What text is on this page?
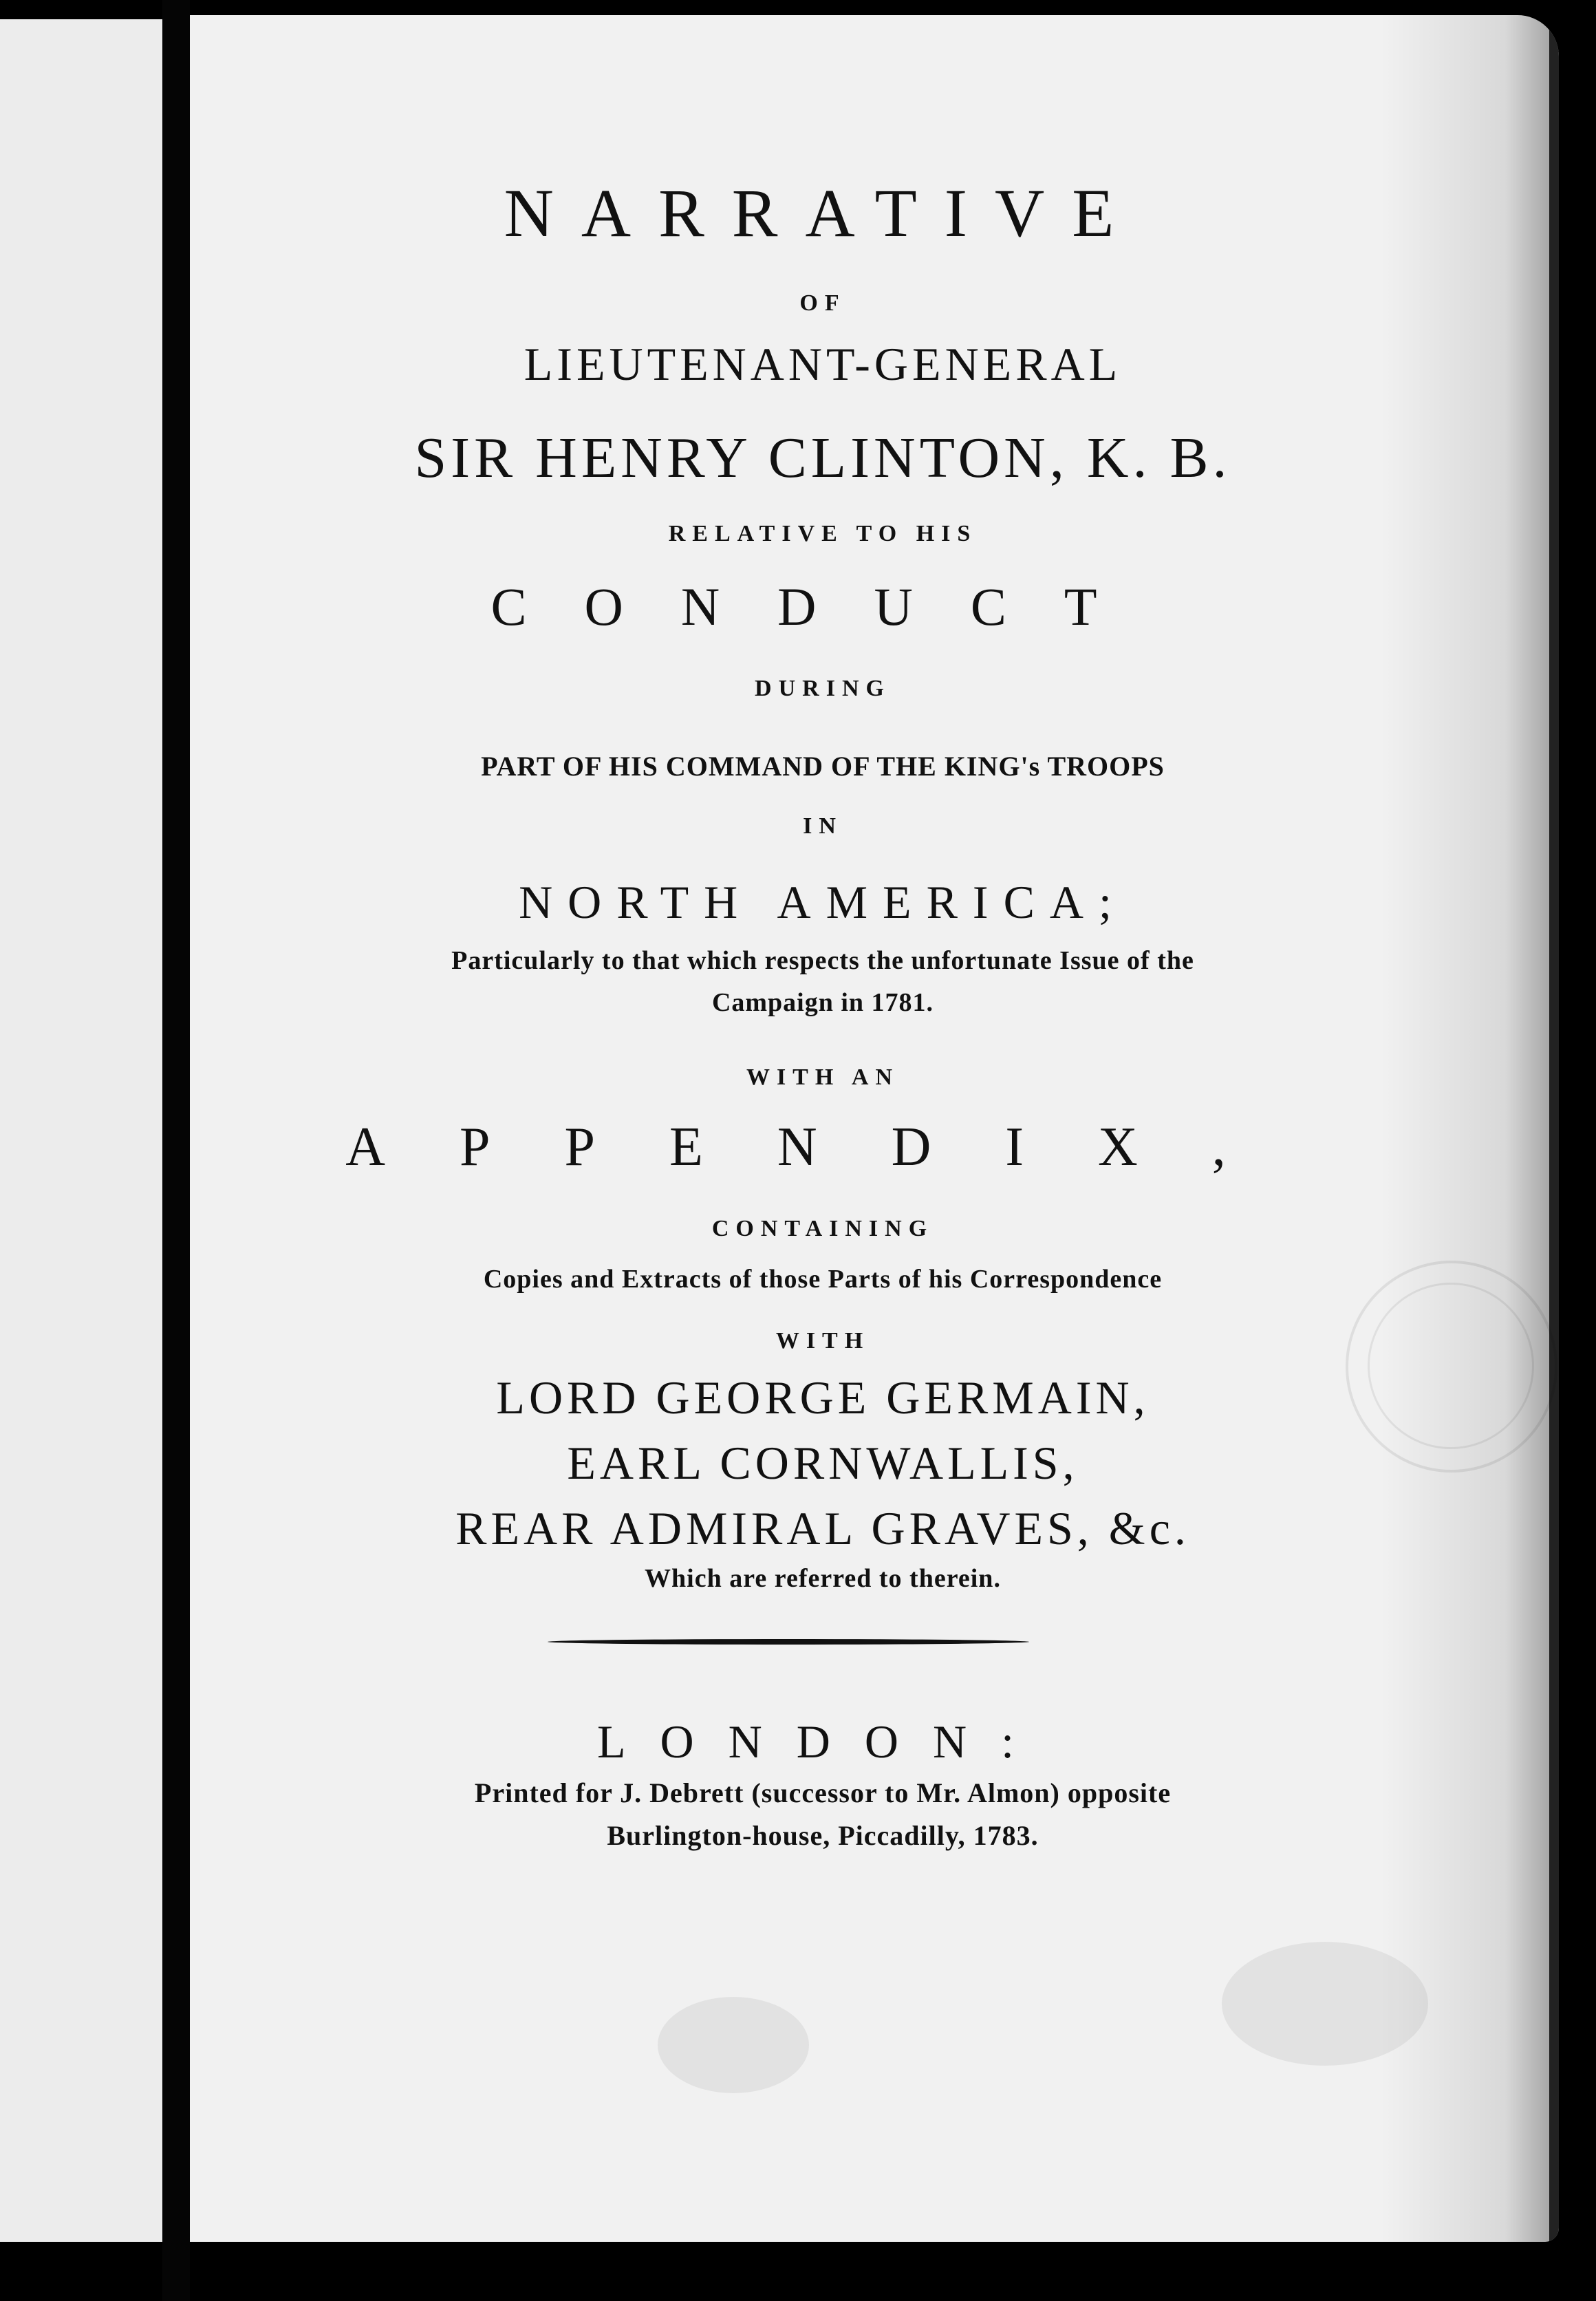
NARRATIVE

OF

LIEUTENANT-GENERAL

SIR HENRY CLINTON, K. B.

RELATIVE TO HIS

CONDUCT

DURING

PART OF HIS COMMAND OF THE KING's TROOPS

IN

NORTH AMERICA;

Particularly to that which respects the unfortunate Issue of the

Campaign in 1781.

WITH AN

APPENDIX,

CONTAINING

Copies and Extracts of those Parts of his Correspondence

WITH

LORD GEORGE GERMAIN,

EARL CORNWALLIS,

REAR ADMIRAL GRAVES, &c.

Which are referred to therein.

LONDON:

Printed for J. Debrett (successor to Mr. Almon) opposite

Burlington-house, Piccadilly, 1783.
